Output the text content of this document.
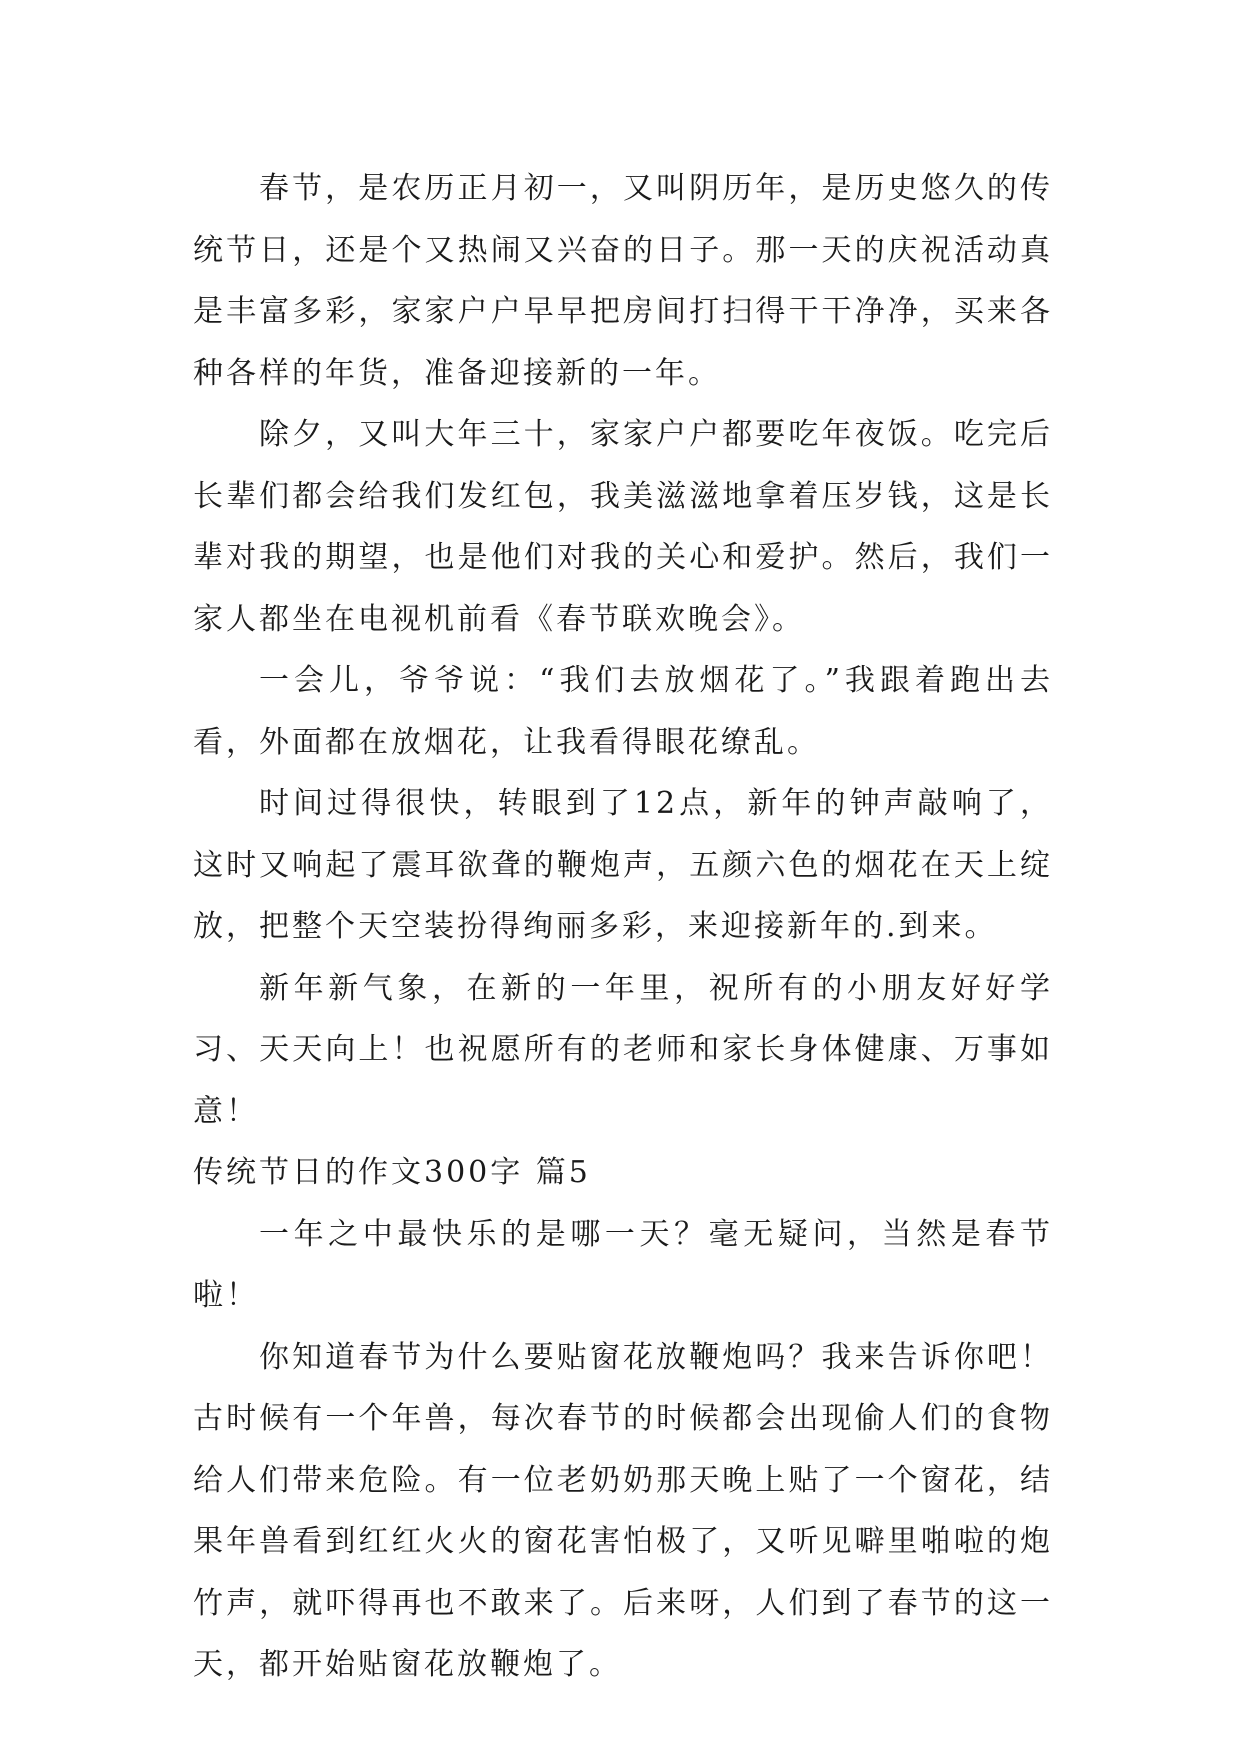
春节，是农历正月初一，又叫阴历年，是历史悠久的传统节日，还是个又热闹又兴奋的日子。那一天的庆祝活动真是丰富多彩，家家户户早早把房间打扫得干干净净，买来各种各样的年货，准备迎接新的一年。

除夕，又叫大年三十，家家户户都要吃年夜饭。吃完后长辈们都会给我们发红包，我美滋滋地拿着压岁钱，这是长辈对我的期望，也是他们对我的关心和爱护。然后，我们一家人都坐在电视机前看《春节联欢晚会》。

一会儿，爷爷说：“我们去放烟花了。”我跟着跑出去看，外面都在放烟花，让我看得眼花缭乱。

时间过得很快，转眼到了12点，新年的钟声敲响了，这时又响起了震耳欲聋的鞭炮声，五颜六色的烟花在天上绽放，把整个天空装扮得绚丽多彩，来迎接新年的.到来。

新年新气象，在新的一年里，祝所有的小朋友好好学习、天天向上！也祝愿所有的老师和家长身体健康、万事如意！

传统节日的作文300字 篇5

一年之中最快乐的是哪一天？毫无疑问，当然是春节啦！

你知道春节为什么要贴窗花放鞭炮吗？我来告诉你吧！古时候有一个年兽，每次春节的时候都会出现偷人们的食物给人们带来危险。有一位老奶奶那天晚上贴了一个窗花，结果年兽看到红红火火的窗花害怕极了，又听见噼里啪啦的炮竹声，就吓得再也不敢来了。后来呀，人们到了春节的这一天，都开始贴窗花放鞭炮了。
